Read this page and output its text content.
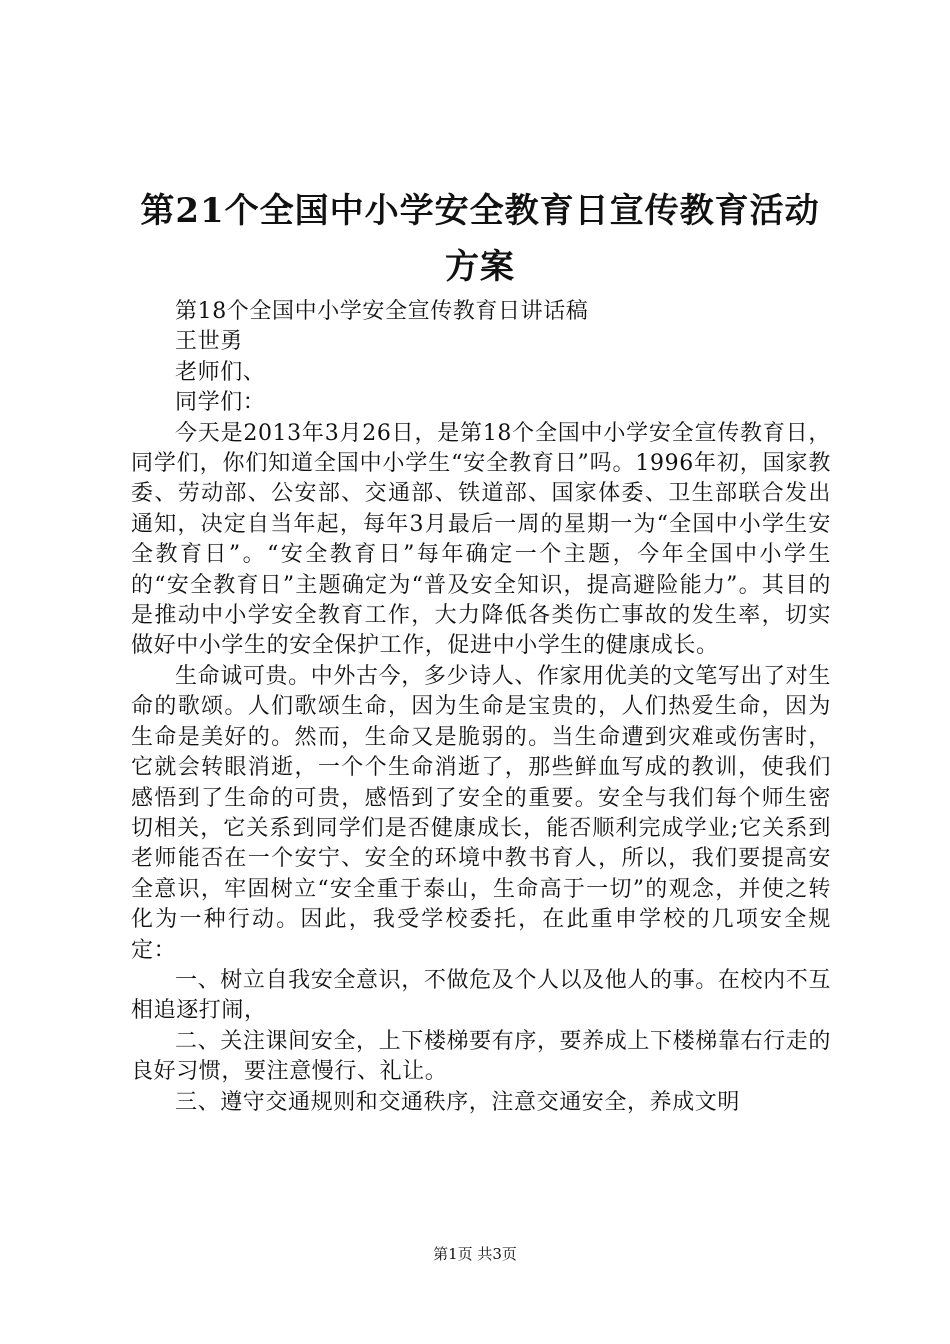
第21个全国中小学安全教育日宣传教育活动方案

第18个全国中小学安全宣传教育日讲话稿

王世勇

老师们、

同学们：

今天是2013年3月26日，是第18个全国中小学安全宣传教育日，同学们，你们知道全国中小学生“安全教育日”吗。1996年初，国家教委、劳动部、公安部、交通部、铁道部、国家体委、卫生部联合发出通知，决定自当年起，每年3月最后一周的星期一为“全国中小学生安全教育日”。“安全教育日”每年确定一个主题，今年全国中小学生的“安全教育日”主题确定为“普及安全知识，提高避险能力”。其目的是推动中小学安全教育工作，大力降低各类伤亡事故的发生率，切实做好中小学生的安全保护工作，促进中小学生的健康成长。

生命诚可贵。中外古今，多少诗人、作家用优美的文笔写出了对生命的歌颂。人们歌颂生命，因为生命是宝贵的，人们热爱生命，因为生命是美好的。然而，生命又是脆弱的。当生命遭到灾难或伤害时，它就会转眼消逝，一个个生命消逝了，那些鲜血写成的教训，使我们感悟到了生命的可贵，感悟到了安全的重要。安全与我们每个师生密切相关，它关系到同学们是否健康成长，能否顺利完成学业;它关系到老师能否在一个安宁、安全的环境中教书育人，所以，我们要提高安全意识，牢固树立“安全重于泰山，生命高于一切”的观念，并使之转化为一种行动。因此，我受学校委托，在此重申学校的几项安全规定：

一、树立自我安全意识，不做危及个人以及他人的事。在校内不互相追逐打闹，

二、关注课间安全，上下楼梯要有序，要养成上下楼梯靠右行走的良好习惯，要注意慢行、礼让。

三、遵守交通规则和交通秩序，注意交通安全，养成文明

第1页 共3页
